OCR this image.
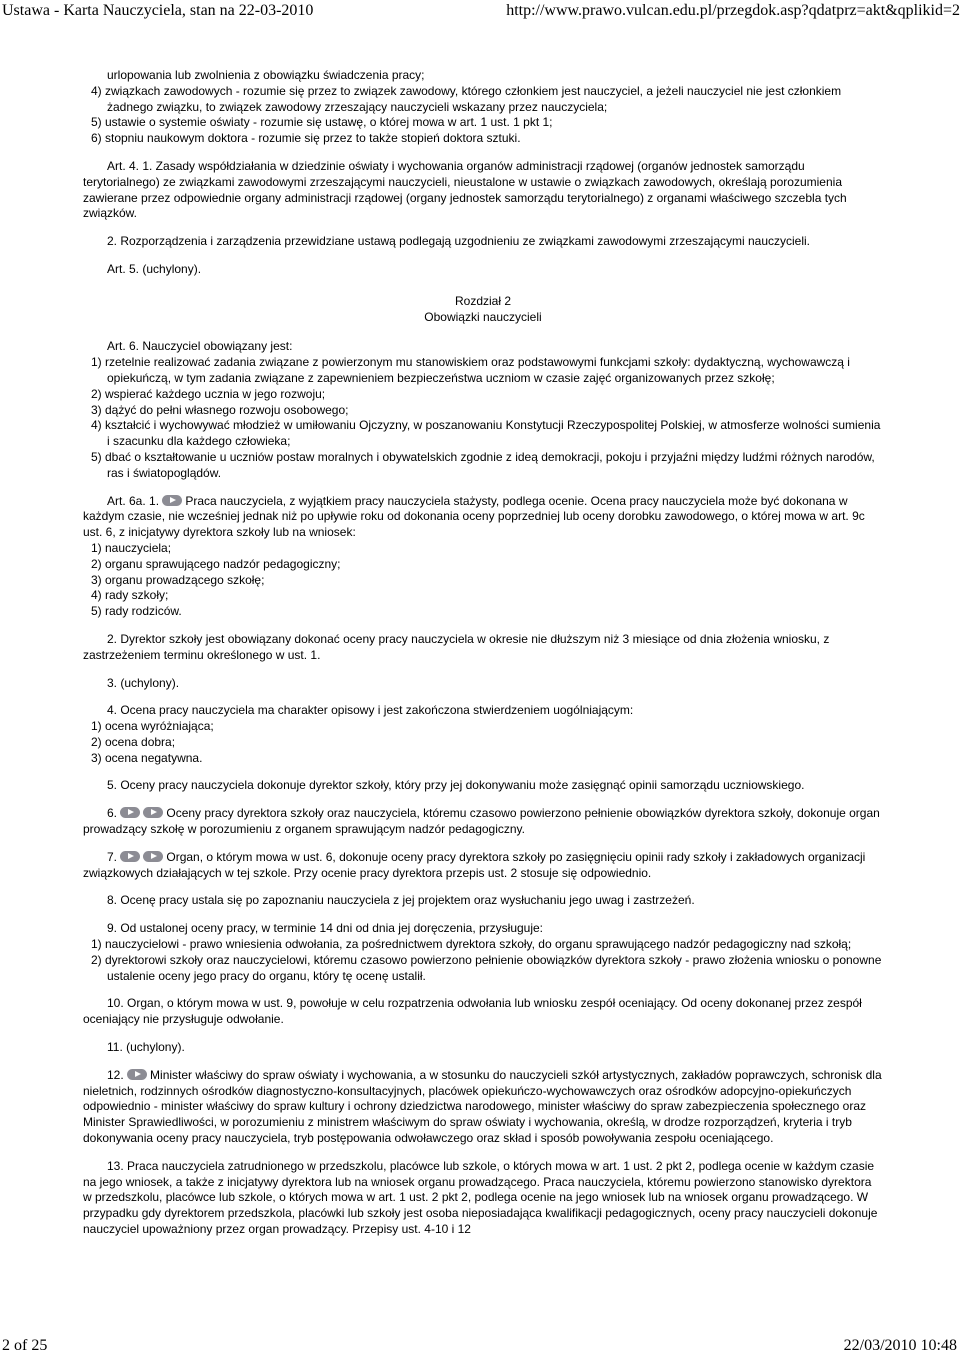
Ustawa - Karta Nauczyciela, stan na 22-03-2010	http://www.prawo.vulcan.edu.pl/przegdok.asp?qdatprz=akt&qplikid=2

urlopowania lub zwolnienia z obowiązku świadczenia pracy;

4) związkach zawodowych - rozumie się przez to związek zawodowy, którego członkiem jest nauczyciel, a jeżeli nauczyciel nie jest członkiem żadnego związku, to związek zawodowy zrzeszający nauczycieli wskazany przez nauczyciela;

5) ustawie o systemie oświaty - rozumie się ustawę, o której mowa w art. 1 ust. 1 pkt 1;

6) stopniu naukowym doktora - rozumie się przez to także stopień doktora sztuki.

Art. 4. 1. Zasady współdziałania w dziedzinie oświaty i wychowania organów administracji rządowej (organów jednostek samorządu terytorialnego) ze związkami zawodowymi zrzeszającymi nauczycieli, nieustalone w ustawie o związkach zawodowych, określają porozumienia zawierane przez odpowiednie organy administracji rządowej (organy jednostek samorządu terytorialnego) z organami właściwego szczebla tych związków.

2. Rozporządzenia i zarządzenia przewidziane ustawą podlegają uzgodnieniu ze związkami zawodowymi zrzeszającymi nauczycieli.

Art. 5. (uchylony).

Rozdział 2
Obowiązki nauczycieli

Art. 6. Nauczyciel obowiązany jest:

1) rzetelnie realizować zadania związane z powierzonym mu stanowiskiem oraz podstawowymi funkcjami szkoły: dydaktyczną, wychowawczą i opiekuńczą, w tym zadania związane z zapewnieniem bezpieczeństwa uczniom w czasie zajęć organizowanych przez szkołę;

2) wspierać każdego ucznia w jego rozwoju;

3) dążyć do pełni własnego rozwoju osobowego;

4) kształcić i wychowywać młodzież w umiłowaniu Ojczyzny, w poszanowaniu Konstytucji Rzeczypospolitej Polskiej, w atmosferze wolności sumienia i szacunku dla każdego człowieka;

5) dbać o kształtowanie u uczniów postaw moralnych i obywatelskich zgodnie z ideą demokracji, pokoju i przyjaźni między ludźmi różnych narodów, ras i światopoglądów.

Art. 6a. 1. Praca nauczyciela, z wyjątkiem pracy nauczyciela stażysty, podlega ocenie. Ocena pracy nauczyciela może być dokonana w każdym czasie, nie wcześniej jednak niż po upływie roku od dokonania oceny poprzedniej lub oceny dorobku zawodowego, o której mowa w art. 9c ust. 6, z inicjatywy dyrektora szkoły lub na wniosek:

1) nauczyciela;

2) organu sprawującego nadzór pedagogiczny;

3) organu prowadzącego szkołę;

4) rady szkoły;

5) rady rodziców.

2. Dyrektor szkoły jest obowiązany dokonać oceny pracy nauczyciela w okresie nie dłuższym niż 3 miesiące od dnia złożenia wniosku, z zastrzeżeniem terminu określonego w ust. 1.

3. (uchylony).

4. Ocena pracy nauczyciela ma charakter opisowy i jest zakończona stwierdzeniem uogólniającym:

1) ocena wyróżniająca;

2) ocena dobra;

3) ocena negatywna.

5. Oceny pracy nauczyciela dokonuje dyrektor szkoły, który przy jej dokonywaniu może zasięgnąć opinii samorządu uczniowskiego.

6.	Oceny pracy dyrektora szkoły oraz nauczyciela, któremu czasowo powierzono pełnienie obowiązków dyrektora szkoły, dokonuje organ prowadzący szkołę w porozumieniu z organem sprawującym nadzór pedagogiczny.

7.	Organ, o którym mowa w ust. 6, dokonuje oceny pracy dyrektora szkoły po zasięgnięciu opinii rady szkoły i zakładowych organizacji związkowych działających w tej szkole. Przy ocenie pracy dyrektora przepis ust. 2 stosuje się odpowiednio.

8. Ocenę pracy ustala się po zapoznaniu nauczyciela z jej projektem oraz wysłuchaniu jego uwag i zastrzeżeń.

9. Od ustalonej oceny pracy, w terminie 14 dni od dnia jej doręczenia, przysługuje:

1) nauczycielowi - prawo wniesienia odwołania, za pośrednictwem dyrektora szkoły, do organu sprawującego nadzór pedagogiczny nad szkołą;

2) dyrektorowi szkoły oraz nauczycielowi, któremu czasowo powierzono pełnienie obowiązków dyrektora szkoły - prawo złożenia wniosku o ponowne ustalenie oceny jego pracy do organu, który tę ocenę ustalił.

10. Organ, o którym mowa w ust. 9, powołuje w celu rozpatrzenia odwołania lub wniosku zespół oceniający. Od oceny dokonanej przez zespół oceniający nie przysługuje odwołanie.

11. (uchylony).

12. Minister właściwy do spraw oświaty i wychowania, a w stosunku do nauczycieli szkół artystycznych, zakładów poprawczych, schronisk dla nieletnich, rodzinnych ośrodków diagnostyczno-konsultacyjnych, placówek opiekuńczo-wychowawczych oraz ośrodków adopcyjno-opiekuńczych odpowiednio - minister właściwy do spraw kultury i ochrony dziedzictwa narodowego, minister właściwy do spraw zabezpieczenia społecznego oraz Minister Sprawiedliwości, w porozumieniu z ministrem właściwym do spraw oświaty i wychowania, określą, w drodze rozporządzeń, kryteria i tryb dokonywania oceny pracy nauczyciela, tryb postępowania odwoławczego oraz skład i sposób powoływania zespołu oceniającego.

13. Praca nauczyciela zatrudnionego w przedszkolu, placówce lub szkole, o których mowa w art. 1 ust. 2 pkt 2, podlega ocenie w każdym czasie na jego wniosek, a także z inicjatywy dyrektora lub na wniosek organu prowadzącego. Praca nauczyciela, któremu powierzono stanowisko dyrektora w przedszkolu, placówce lub szkole, o których mowa w art. 1 ust. 2 pkt 2, podlega ocenie na jego wniosek lub na wniosek organu prowadzącego. W przypadku gdy dyrektorem przedszkola, placówki lub szkoły jest osoba nieposiadająca kwalifikacji pedagogicznych, oceny pracy nauczycieli dokonuje nauczyciel upoważniony przez organ prowadzący. Przepisy ust. 4-10 i 12

2 of 25	22/03/2010 10:48
